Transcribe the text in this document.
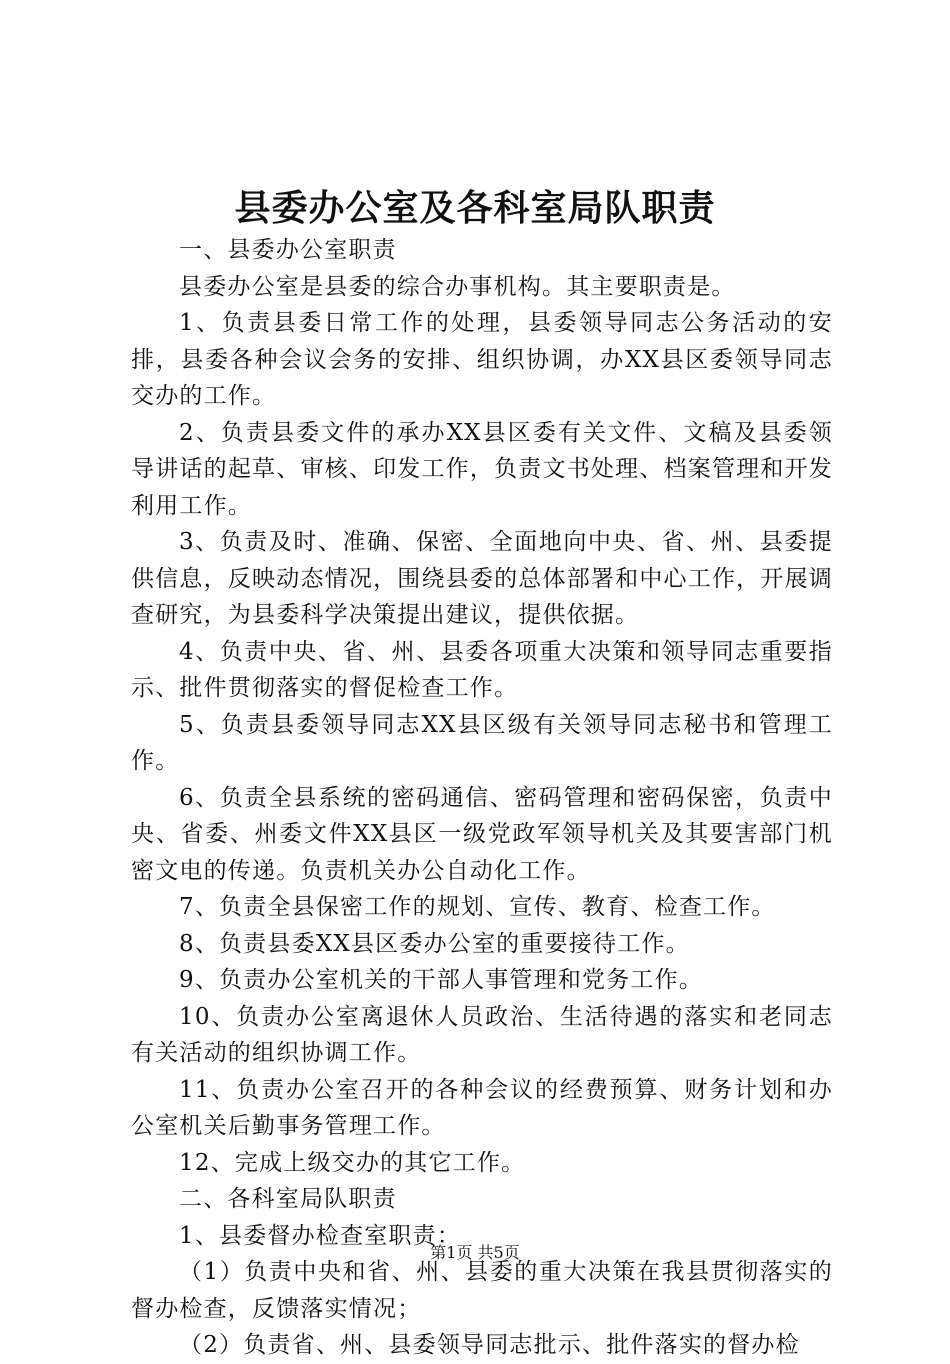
县委办公室及各科室局队职责

一、县委办公室职责

县委办公室是县委的综合办事机构。其主要职责是。

1、负责县委日常工作的处理，县委领导同志公务活动的安排，县委各种会议会务的安排、组织协调，办XX县区委领导同志交办的工作。

2、负责县委文件的承办XX县区委有关文件、文稿及县委领导讲话的起草、审核、印发工作，负责文书处理、档案管理和开发利用工作。

3、负责及时、准确、保密、全面地向中央、省、州、县委提供信息，反映动态情况，围绕县委的总体部署和中心工作，开展调查研究，为县委科学决策提出建议，提供依据。

4、负责中央、省、州、县委各项重大决策和领导同志重要指示、批件贯彻落实的督促检查工作。

5、负责县委领导同志XX县区级有关领导同志秘书和管理工作。

6、负责全县系统的密码通信、密码管理和密码保密，负责中央、省委、州委文件XX县区一级党政军领导机关及其要害部门机密文电的传递。负责机关办公自动化工作。

7、负责全县保密工作的规划、宣传、教育、检查工作。

8、负责县委XX县区委办公室的重要接待工作。

9、负责办公室机关的干部人事管理和党务工作。

10、负责办公室离退休人员政治、生活待遇的落实和老同志有关活动的组织协调工作。

11、负责办公室召开的各种会议的经费预算、财务计划和办公室机关后勤事务管理工作。

12、完成上级交办的其它工作。

二、各科室局队职责

1、县委督办检查室职责：

（1）负责中央和省、州、县委的重大决策在我县贯彻落实的督办检查，反馈落实情况；

（2）负责省、州、县委领导同志批示、批件落实的督办检

第1页 共5页
